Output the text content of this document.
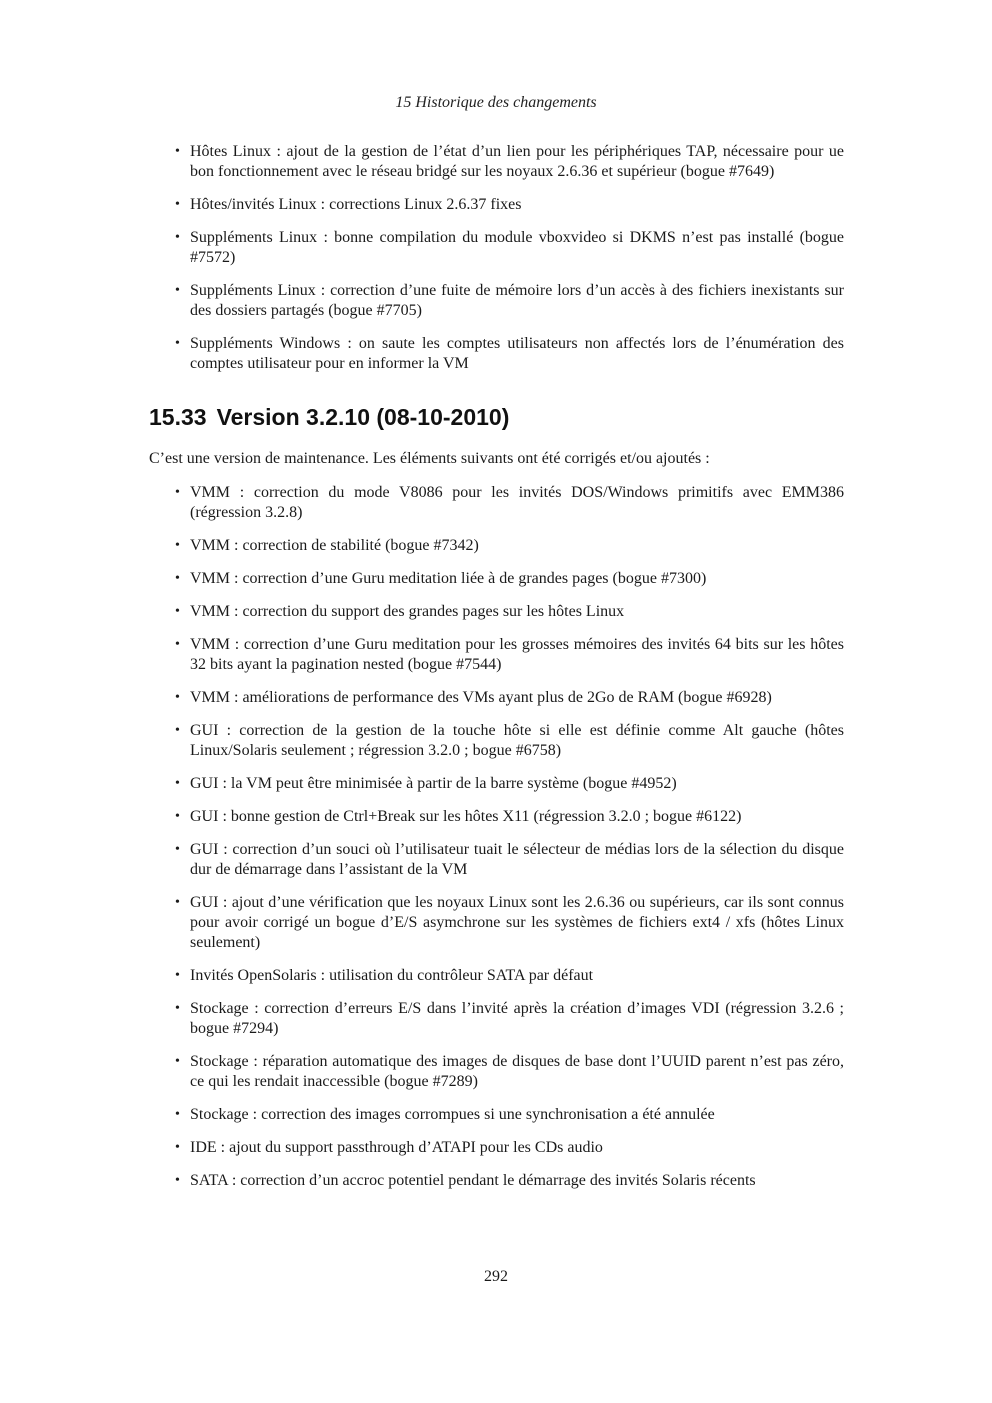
15 Historique des changements
• Hôtes Linux : ajout de la gestion de l’état d’un lien pour les périphériques TAP, nécessaire pour ue bon fonctionnement avec le réseau bridgé sur les noyaux 2.6.36 et supérieur (bogue #7649)
• Hôtes/invités Linux : corrections Linux 2.6.37 fixes
• Suppléments Linux : bonne compilation du module vboxvideo si DKMS n’est pas installé (bogue #7572)
• Suppléments Linux : correction d’une fuite de mémoire lors d’un accès à des fichiers inexistants sur des dossiers partagés (bogue #7705)
• Suppléments Windows : on saute les comptes utilisateurs non affectés lors de l’énumération des comptes utilisateur pour en informer la VM
15.33 Version 3.2.10 (08-10-2010)

C’est une version de maintenance. Les éléments suivants ont été corrigés et/ou ajoutés :

• VMM : correction du mode V8086 pour les invités DOS/Windows primitifs avec EMM386 (régression 3.2.8)
• VMM : correction de stabilité (bogue #7342)
• VMM : correction d’une Guru meditation liée à de grandes pages (bogue #7300)
• VMM : correction du support des grandes pages sur les hôtes Linux
• VMM : correction d’une Guru meditation pour les grosses mémoires des invités 64 bits sur les hôtes 32 bits ayant la pagination nested (bogue #7544)
• VMM : améliorations de performance des VMs ayant plus de 2Go de RAM (bogue #6928)
• GUI : correction de la gestion de la touche hôte si elle est définie comme Alt gauche (hôtes Linux/Solaris seulement ; régression 3.2.0 ; bogue #6758)
• GUI : la VM peut être minimisée à partir de la barre système (bogue #4952)
• GUI : bonne gestion de Ctrl+Break sur les hôtes X11 (régression 3.2.0 ; bogue #6122)
• GUI : correction d’un souci où l’utilisateur tuait le sélecteur de médias lors de la sélection du disque dur de démarrage dans l’assistant de la VM
• GUI : ajout d’une vérification que les noyaux Linux sont les 2.6.36 ou supérieurs, car ils sont connus pour avoir corrigé un bogue d’E/S asymchrone sur les systèmes de fichiers ext4 / xfs (hôtes Linux seulement)
• Invités OpenSolaris : utilisation du contrôleur SATA par défaut
• Stockage : correction d’erreurs E/S dans l’invité après la création d’images VDI (régression 3.2.6 ; bogue #7294)
• Stockage : réparation automatique des images de disques de base dont l’UUID parent n’est pas zéro, ce qui les rendait inaccessible (bogue #7289)
• Stockage : correction des images corrompues si une synchronisation a été annulée
• IDE : ajout du support passthrough d’ATAPI pour les CDs audio
• SATA : correction d’un accroc potentiel pendant le démarrage des invités Solaris récents
292
